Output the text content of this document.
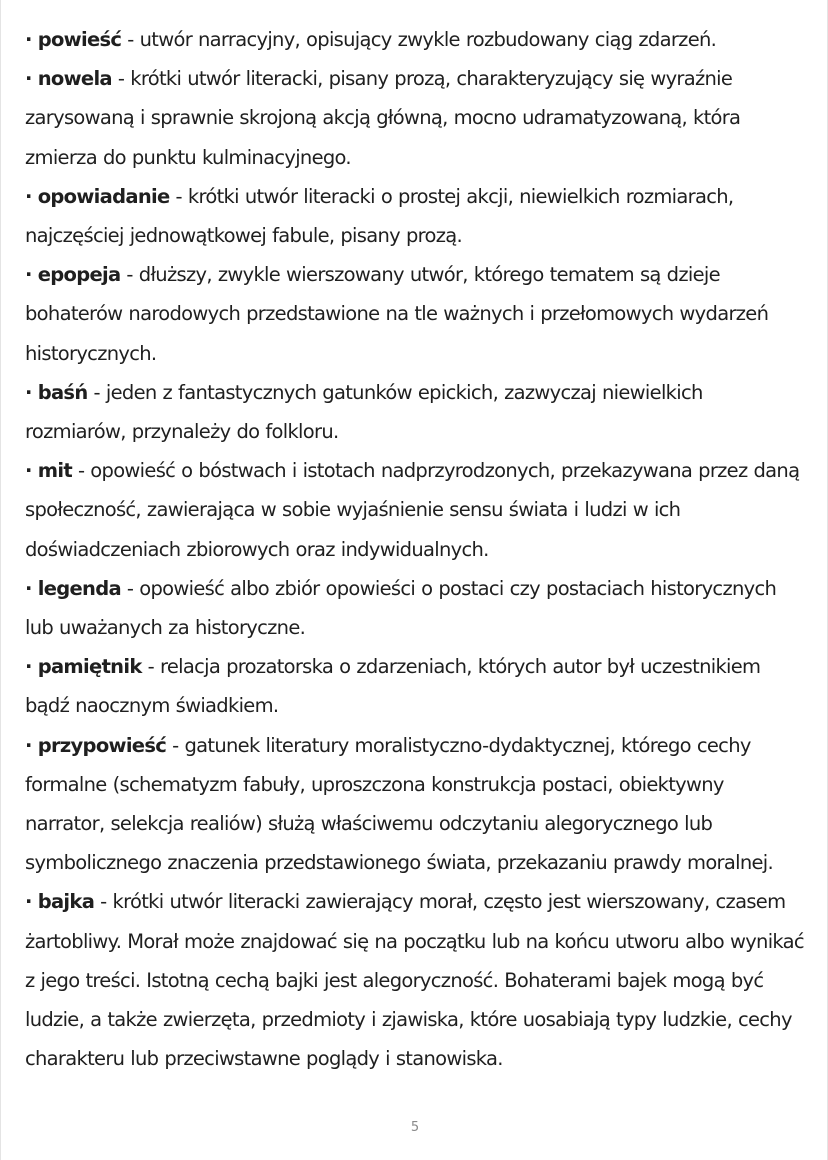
· powieść - utwór narracyjny, opisujący zwykle rozbudowany ciąg zdarzeń.

· nowela - krótki utwór literacki, pisany prozą, charakteryzujący się wyraźnie zarysowaną i sprawnie skrojoną akcją główną, mocno udramatyzowaną, która zmierza do punktu kulminacyjnego.

· opowiadanie - krótki utwór literacki o prostej akcji, niewielkich rozmiarach, najczęściej jednowątkowej fabule, pisany prozą.

· epopeja - dłuższy, zwykle wierszowany utwór, którego tematem są dzieje bohaterów narodowych przedstawione na tle ważnych i przełomowych wydarzeń historycznych.

· baśń - jeden z fantastycznych gatunków epickich, zazwyczaj niewielkich rozmiarów, przynależy do folkloru.

· mit - opowieść o bóstwach i istotach nadprzyrodzonych, przekazywana przez daną społeczność, zawierająca w sobie wyjaśnienie sensu świata i ludzi w ich doświadczeniach zbiorowych oraz indywidualnych.

· legenda - opowieść albo zbiór opowieści o postaci czy postaciach historycznych lub uważanych za historyczne.

· pamiętnik - relacja prozatorska o zdarzeniach, których autor był uczestnikiem bądź naocznym świadkiem.

· przypowieść - gatunek literatury moralistyczno-dydaktycznej, którego cechy formalne (schematyzm fabuły, uproszczona konstrukcja postaci, obiektywny narrator, selekcja realiów) służą właściwemu odczytaniu alegorycznego lub symbolicznego znaczenia przedstawionego świata, przekazaniu prawdy moralnej.

· bajka - krótki utwór literacki zawierający morał, często jest wierszowany, czasem żartobliwy. Morał może znajdować się na początku lub na końcu utworu albo wynikać z jego treści. Istotną cechą bajki jest alegoryczność. Bohaterami bajek mogą być ludzie, a także zwierzęta, przedmioty i zjawiska, które uosabiają typy ludzkie, cechy charakteru lub przeciwstawne poglądy i stanowiska.

5
